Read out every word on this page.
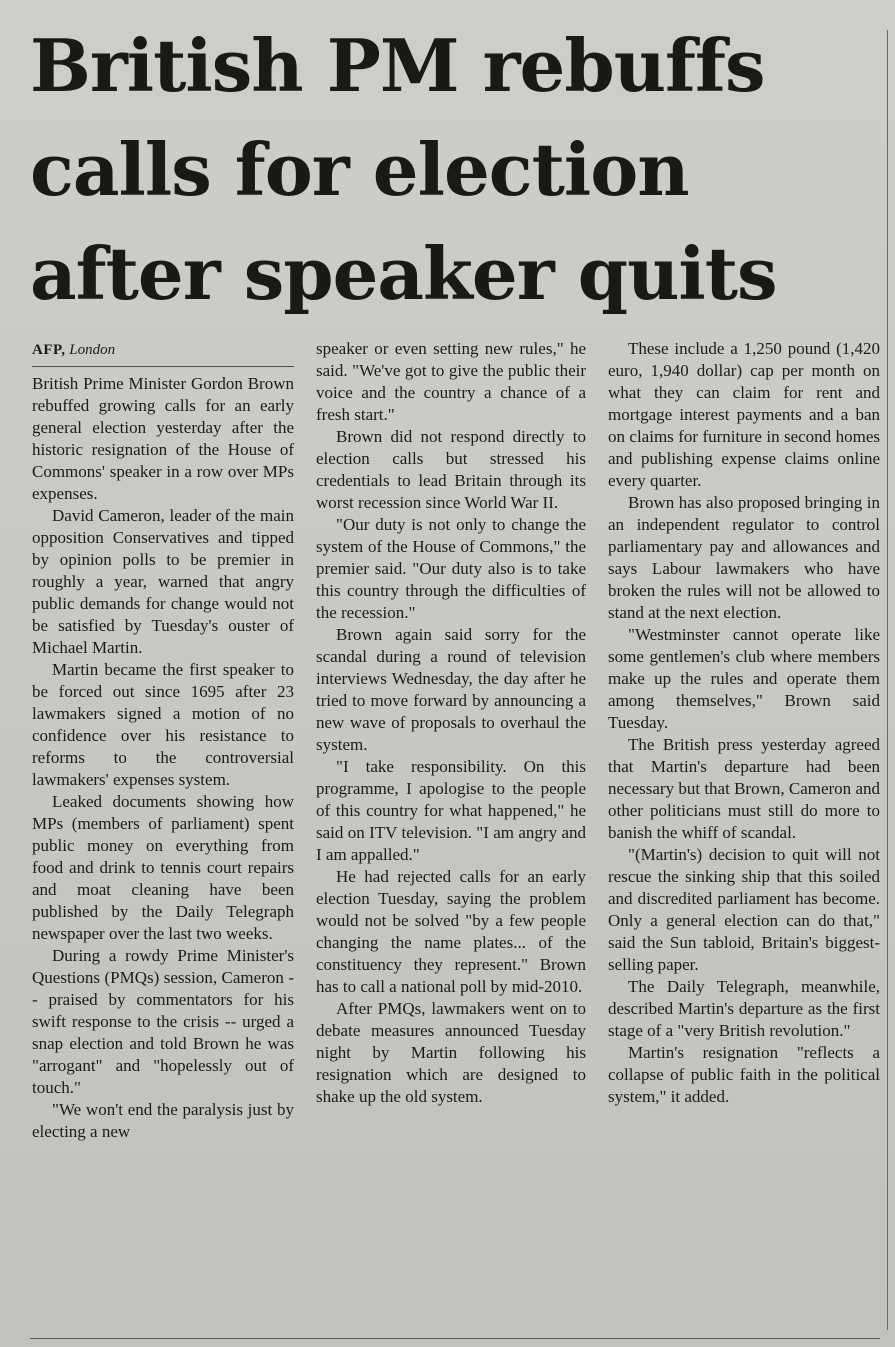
British PM rebuffs calls for election after speaker quits
AFP, London

British Prime Minister Gordon Brown rebuffed growing calls for an early general election yesterday after the historic resignation of the House of Commons' speaker in a row over MPs expenses.

David Cameron, leader of the main opposition Conservatives and tipped by opinion polls to be premier in roughly a year, warned that angry public demands for change would not be satisfied by Tuesday's ouster of Michael Martin.

Martin became the first speaker to be forced out since 1695 after 23 lawmakers signed a motion of no confidence over his resistance to reforms to the controversial lawmakers' expenses system.

Leaked documents showing how MPs (members of parliament) spent public money on everything from food and drink to tennis court repairs and moat cleaning have been published by the Daily Telegraph newspaper over the last two weeks.

During a rowdy Prime Minister's Questions (PMQs) session, Cameron -- praised by commentators for his swift response to the crisis -- urged a snap election and told Brown he was "arrogant" and "hopelessly out of touch."

"We won't end the paralysis just by electing a new

speaker or even setting new rules," he said. "We've got to give the public their voice and the country a chance of a fresh start."

Brown did not respond directly to election calls but stressed his credentials to lead Britain through its worst recession since World War II.

"Our duty is not only to change the system of the House of Commons," the premier said. "Our duty also is to take this country through the difficulties of the recession."

Brown again said sorry for the scandal during a round of television interviews Wednesday, the day after he tried to move forward by announcing a new wave of proposals to overhaul the system.

"I take responsibility. On this programme, I apologise to the people of this country for what happened," he said on ITV television. "I am angry and I am appalled."

He had rejected calls for an early election Tuesday, saying the problem would not be solved "by a few people changing the name plates... of the constituency they represent." Brown has to call a national poll by mid-2010.

After PMQs, lawmakers went on to debate measures announced Tuesday night by Martin following his resignation which are designed to shake up the old system.

These include a 1,250 pound (1,420 euro, 1,940 dollar) cap per month on what they can claim for rent and mortgage interest payments and a ban on claims for furniture in second homes and publishing expense claims online every quarter.

Brown has also proposed bringing in an independent regulator to control parliamentary pay and allowances and says Labour lawmakers who have broken the rules will not be allowed to stand at the next election.

"Westminster cannot operate like some gentlemen's club where members make up the rules and operate them among themselves," Brown said Tuesday.

The British press yesterday agreed that Martin's departure had been necessary but that Brown, Cameron and other politicians must still do more to banish the whiff of scandal.

"(Martin's) decision to quit will not rescue the sinking ship that this soiled and discredited parliament has become. Only a general election can do that," said the Sun tabloid, Britain's biggest-selling paper.

The Daily Telegraph, meanwhile, described Martin's departure as the first stage of a "very British revolution."

Martin's resignation "reflects a collapse of public faith in the political system," it added.
